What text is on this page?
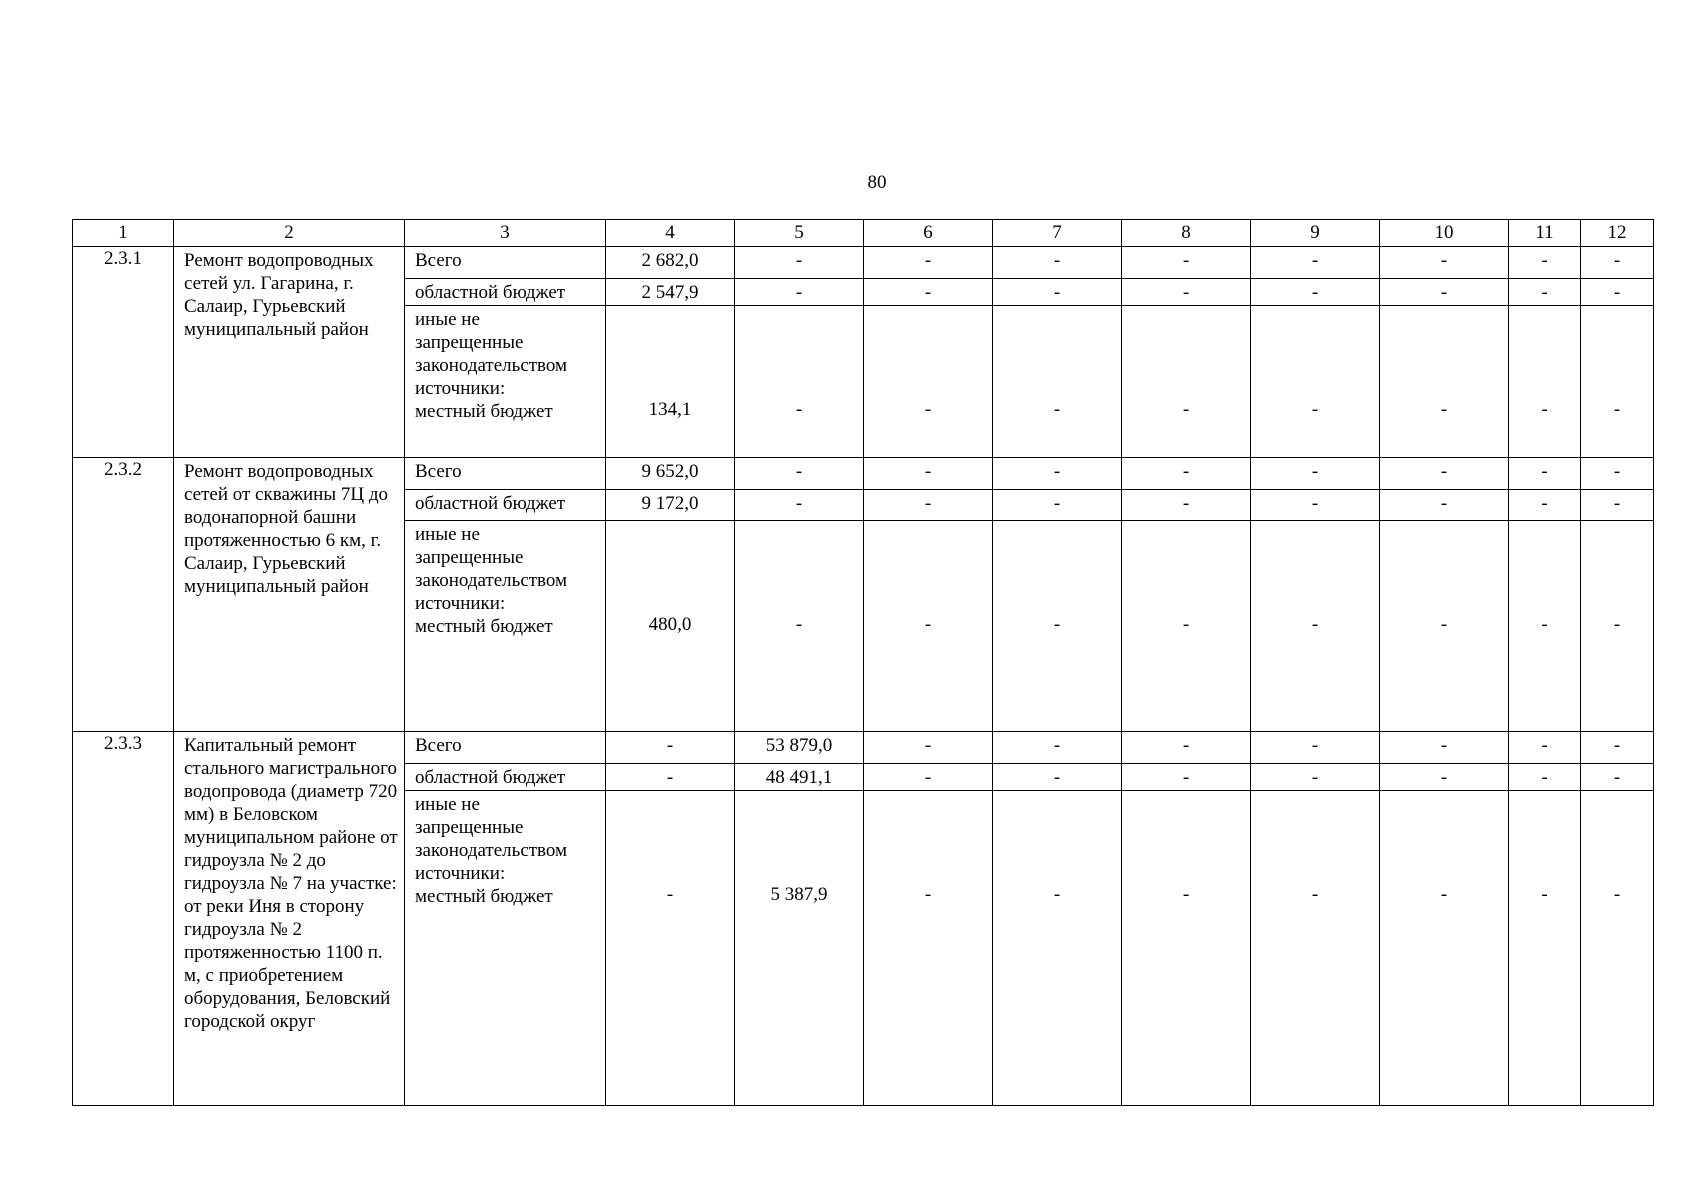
80
1	2	3	4	5	6	7	8	9	10	11	12
2.3.1	Ремонт водопроводных сетей ул. Гагарина, г. Салаир, Гурьевский муниципальный район	Всего	2 682,0	-	-	-	-	-	-	-	-
		областной бюджет	2 547,9	-	-	-	-	-	-	-	-

		иные не
запрещенные
законодательством
источники:
местный бюджет	134,1	-	-	-	-	-	-	-	-

2.3.2	Ремонт водопроводных сетей от скважины 7Ц до водонапорной башни протяженностью 6 км, г. Салаир, Гурьевский муниципальный район	Всего	9 652,0	-	-	-	-	-	-	-	-
		областной бюджет	9 172,0	-	-	-	-	-	-	-	-

		иные не
запрещенные
законодательством
источники:
местный бюджет	480,0	-	-	-	-	-	-	-	-

2.3.3	Капитальный ремонт стального магистрального водопровода (диаметр 720 мм) в Беловском муниципальном районе от гидроузла № 2 до гидроузла № 7 на участке: от реки Иня в сторону гидроузла № 2 протяженностью 1100 п. м, с приобретением оборудования, Беловский городской округ	Всего	-	53 879,0	-	-	-	-	-	-	-
		областной бюджет	-	48 491,1	-	-	-	-	-	-	-

		иные не
запрещенные
законодательством
источники:
местный бюджет	-	5 387,9	-	-	-	-	-	-	-
